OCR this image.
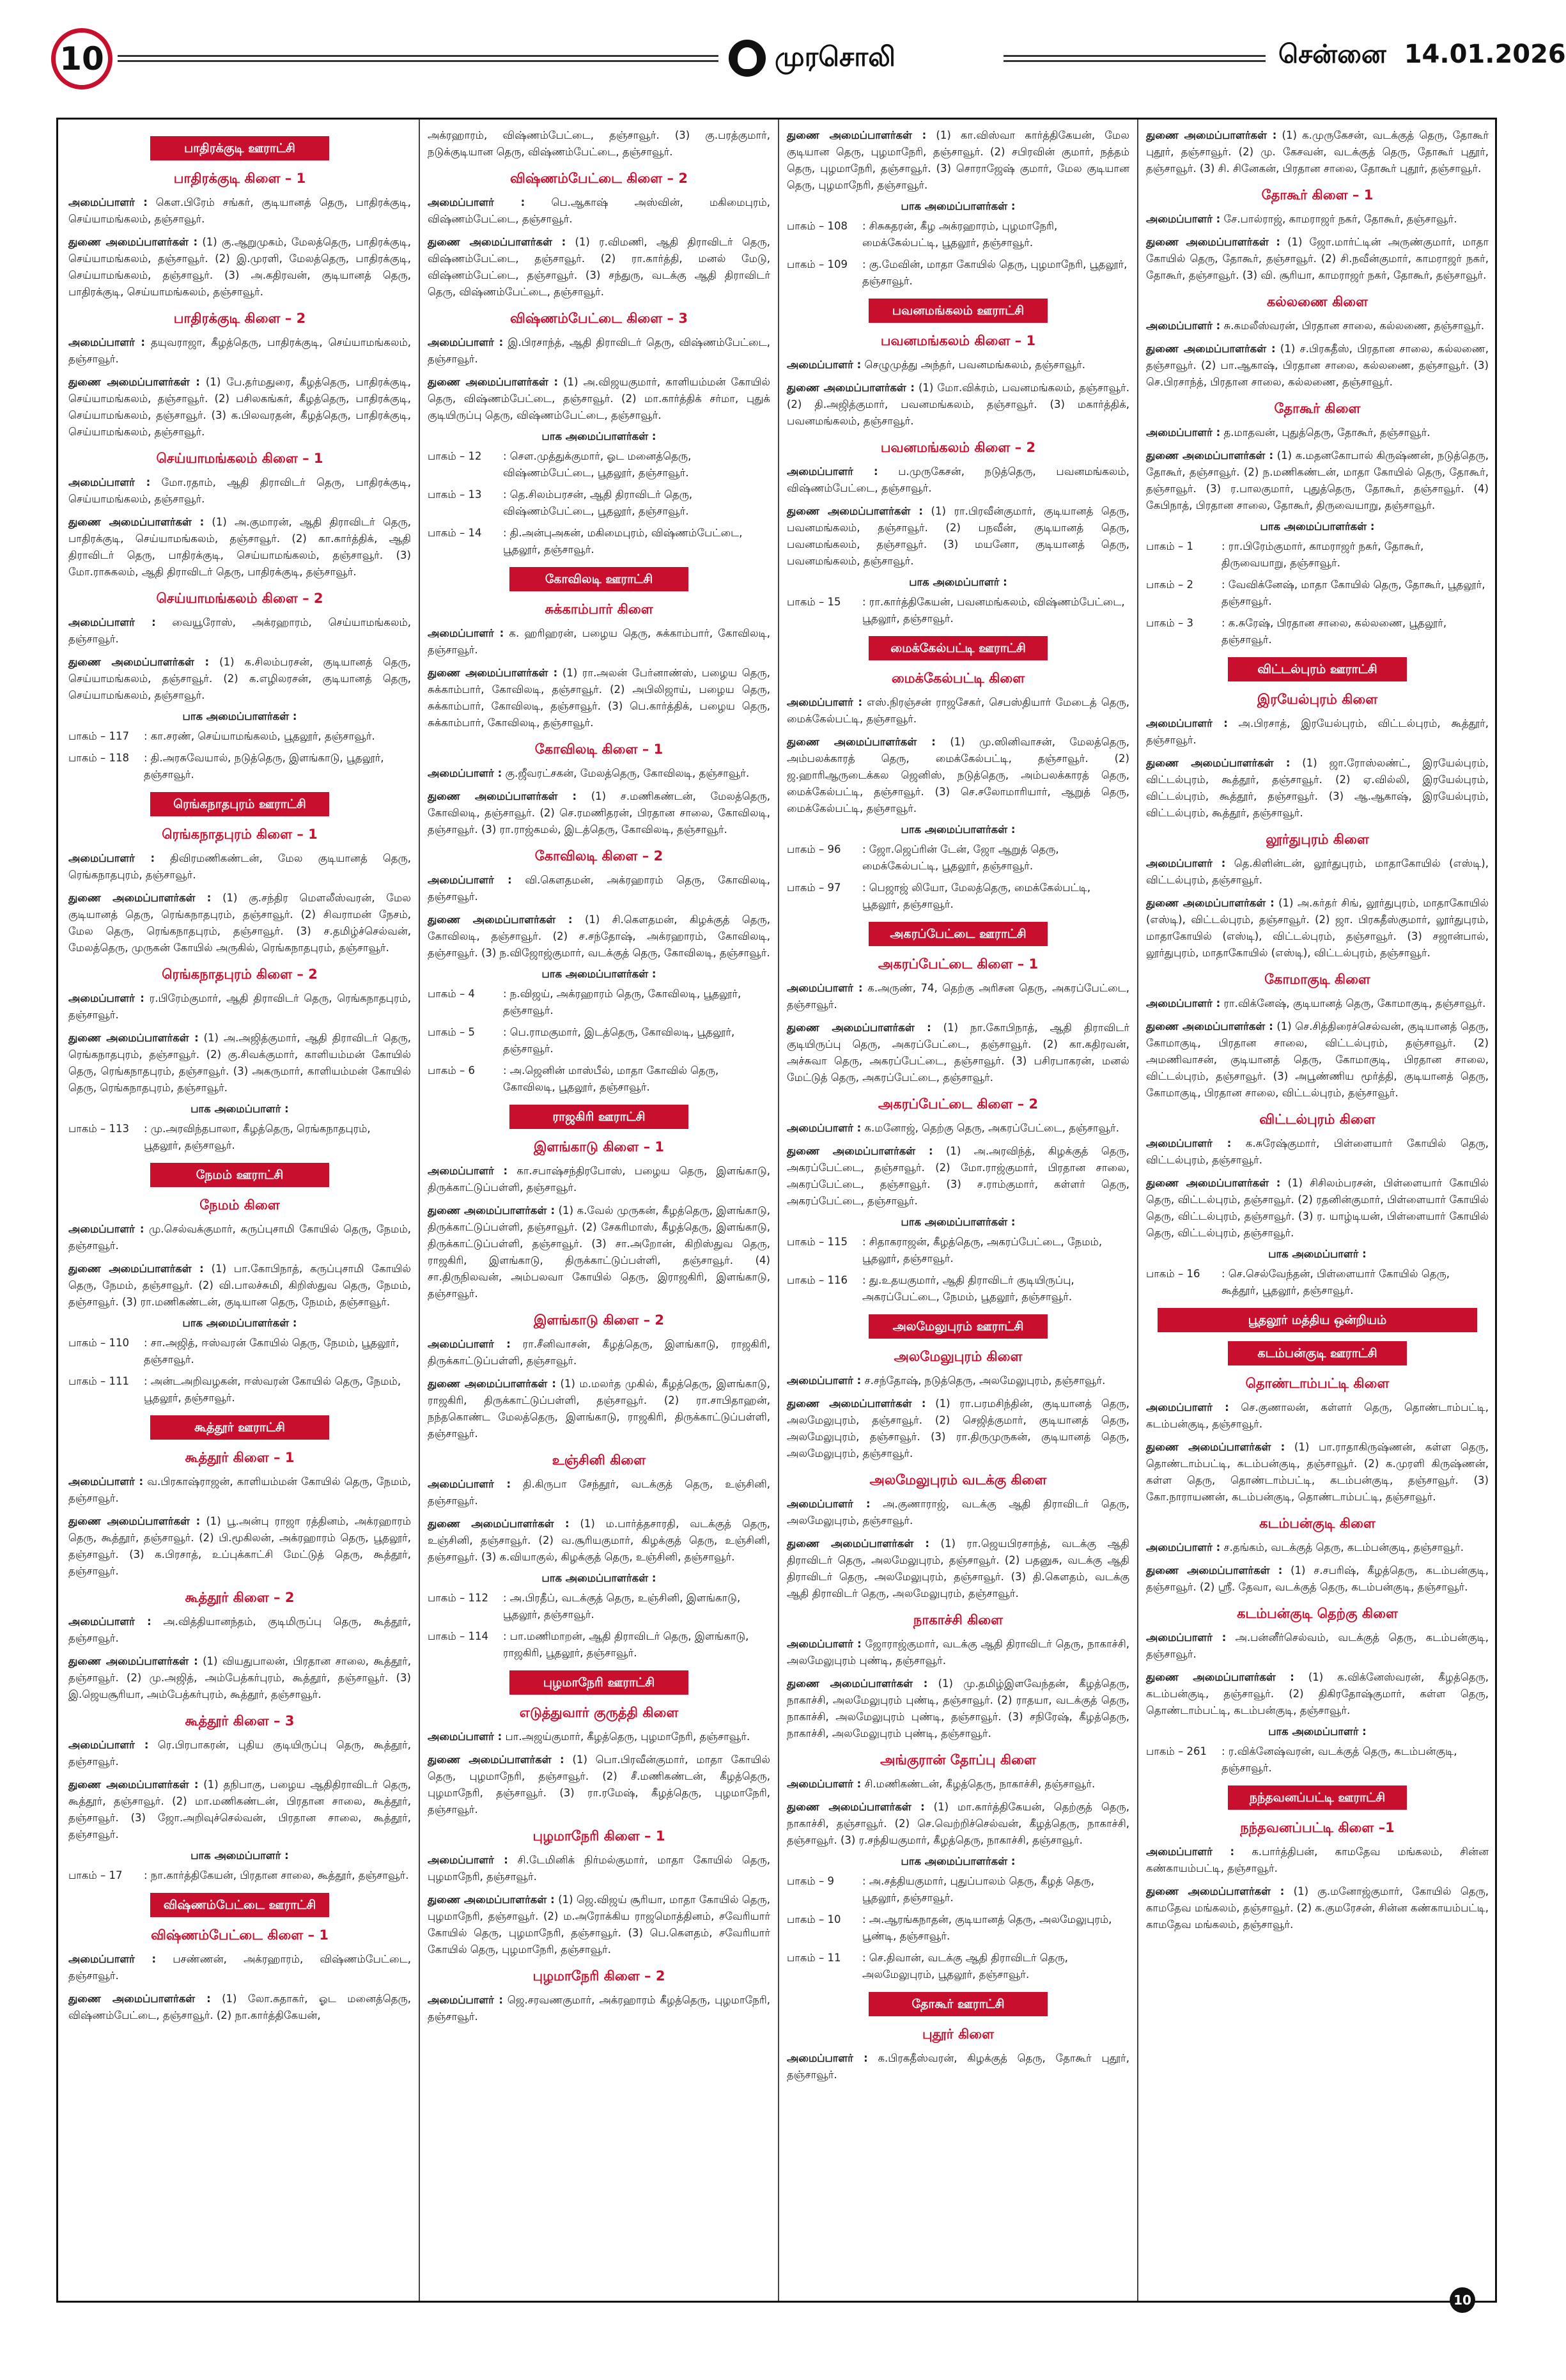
10	முரசொலி	சென்னை 14.01.2026
பாதிரக்குடி ஊராட்சி
பாதிரக்குடி கிளை – 1

அமைப்பாளர் : கௌ.பிரேம் சங்கர், குடியானத் தெரு, பாதிரக்குடி, செய்யாமங்கலம், தஞ்சாவூர்.

துணை அமைப்பாளர்கள் : (1) கு.ஆறுமுகம், மேலத்தெரு, பாதிரக்குடி, செய்யாமங்கலம், தஞ்சாவூர். (2) இ.முரளி, மேலத்தெரு, பாதிரக்குடி, செய்யாமங்கலம், தஞ்சாவூர். (3) அ.கதிரவன், குடியானத் தெரு, பாதிரக்குடி, செய்யாமங்கலம், தஞ்சாவூர்.

பாதிரக்குடி கிளை – 2

அமைப்பாளர் : தயுவராஜா, கீழத்தெரு, பாதிரக்குடி, செய்யாமங்கலம், தஞ்சாவூர்.

துணை அமைப்பாளர்கள் : (1) பே.தர்மதுரை, கீழத்தெரு, பாதிரக்குடி, செய்யாமங்கலம், தஞ்சாவூர். (2) பசிலகங்கர், கீழத்தெரு, பாதிரக்குடி, செய்யாமங்கலம், தஞ்சாவூர். (3) க.பிலவரதன், கீழத்தெரு, பாதிரக்குடி, செய்யாமங்கலம், தஞ்சாவூர்.

செய்யாமங்கலம் கிளை – 1

அமைப்பாளர் : மோ.ரதாம், ஆதி திராவிடர் தெரு, பாதிரக்குடி, செய்யாமங்கலம், தஞ்சாவூர்.

துணை அமைப்பாளர்கள் : (1) அ.குமாரன், ஆதி திராவிடர் தெரு, பாதிரக்குடி, செய்யாமங்கலம், தஞ்சாவூர். (2) கா.கார்த்திக், ஆதி திராவிடர் தெரு, பாதிரக்குடி, செய்யாமங்கலம், தஞ்சாவூர். (3) மோ.ராசுகலம், ஆதி திராவிடர் தெரு, பாதிரக்குடி, தஞ்சாவூர்.

செய்யாமங்கலம் கிளை – 2

அமைப்பாளர் : வையூரோஸ், அக்ரஹாரம், செய்யாமங்கலம், தஞ்சாவூர்.

துணை அமைப்பாளர்கள் : (1) க.சிலம்பரசன், குடியானத் தெரு, செய்யாமங்கலம், தஞ்சாவூர். (2) க.எழிலரசன், குடியானத் தெரு, செய்யாமங்கலம், தஞ்சாவூர்.

பாக அமைப்பாளர்கள் :
பாகம் – 117	: கா.சரண், செய்யாமங்கலம், பூதலூர், தஞ்சாவூர்.
பாகம் – 118	: தி.அரசுவேயால், நடுத்தெரு, இளங்காடு, பூதலூர், தஞ்சாவூர்.
ரெங்கநாதபுரம் ஊராட்சி
ரெங்கநாதபுரம் கிளை – 1

அமைப்பாளர் : திவிரமணிகண்டன், மேல குடியானத் தெரு, ரெங்கநாதபுரம், தஞ்சாவூர்.

துணை அமைப்பாளர்கள் : (1) கு.சந்திர மௌலீஸ்வரன், மேல குடியானத் தெரு, ரெங்கநாதபுரம், தஞ்சாவூர். (2) சிவராமன் நேசம், மேல தெரு, ரெங்கநாதபுரம், தஞ்சாவூர். (3) ச.தமிழ்ச்செல்வன், மேலத்தெரு, முருகன் கோயில் அருகில், ரெங்கநாதபுரம், தஞ்சாவூர்.

ரெங்கநாதபுரம் கிளை – 2

அமைப்பாளர் : ர.பிரேம்குமார், ஆதி திராவிடர் தெரு, ரெங்கநாதபுரம், தஞ்சாவூர்.

துணை அமைப்பாளர்கள் : (1) அ.அஜித்குமார், ஆதி திராவிடர் தெரு, ரெங்கநாதபுரம், தஞ்சாவூர். (2) கு.சிவக்குமார், காளியம்மன் கோயில் தெரு, ரெங்கநாதபுரம், தஞ்சாவூர். (3) அகருமார், காளியம்மன் கோயில் தெரு, ரெங்கநாதபுரம், தஞ்சாவூர்.

பாக அமைப்பாளர் :
பாகம் – 113	: மு.அரவிந்தபாலா, கீழத்தெரு, ரெங்கநாதபுரம், பூதலூர், தஞ்சாவூர்.
நேமம் ஊராட்சி
நேமம் கிளை

அமைப்பாளர் : மு.செல்வக்குமார், கருப்புசாமி கோயில் தெரு, நேமம், தஞ்சாவூர்.

துணை அமைப்பாளர்கள் : (1) பா.கோபிநாத், கருப்புசாமி கோயில் தெரு, நேமம், தஞ்சாவூர். (2) வி.பாலச்சுமி, கிறிஸ்துவ தெரு, நேமம், தஞ்சாவூர். (3) ரா.மணிகண்டன், குடியான தெரு, நேமம், தஞ்சாவூர்.

பாக அமைப்பாளர்கள் :
பாகம் – 110	: சா.அஜித், ஈஸ்வரன் கோயில் தெரு, நேமம், பூதலூர், தஞ்சாவூர்.
பாகம் – 111	: அன்டஅறிவழகன், ஈஸ்வரன் கோயில் தெரு, நேமம், பூதலூர், தஞ்சாவூர்.
கூத்தூர் ஊராட்சி
கூத்தூர் கிளை – 1

அமைப்பாளர் : வ.பிரகாஷ்ராஜன், காளியம்மன் கோயில் தெரு, நேமம், தஞ்சாவூர்.

துணை அமைப்பாளர்கள் : (1) பூ.அன்பு ராஜா ரத்தினம், அக்ரஹாரம் தெரு, கூத்தூர், தஞ்சாவூர். (2) பி.மூகிலன், அக்ரஹாரம் தெரு, பூதலூர், தஞ்சாவூர். (3) க.பிரசாத், உப்புக்காட்சி மேட்டுத் தெரு, கூத்தூர், தஞ்சாவூர்.

கூத்தூர் கிளை – 2

அமைப்பாளர் : அ.வித்தியானந்தம், குடிமிருப்பு தெரு, கூத்தூர், தஞ்சாவூர்.

துணை அமைப்பாளர்கள் : (1) வியதுபாலன், பிரதான சாலை, கூத்தூர், தஞ்சாவூர். (2) மு.அஜித், அம்பேத்கர்புரம், கூத்தூர், தஞ்சாவூர். (3) இ.ஜெயசூரியா, அம்பேத்கர்புரம், கூத்தூர், தஞ்சாவூர்.

கூத்தூர் கிளை – 3

அமைப்பாளர் : ரெ.பிரபாகரன், புதிய குடியிருப்பு தெரு, கூத்தூர், தஞ்சாவூர்.

துணை அமைப்பாளர்கள் : (1) தநிபாகு, பழைய ஆதிதிராவிடர் தெரு, கூத்தூர், தஞ்சாவூர். (2) மா.மணிகண்டன், பிரதான சாலை, கூத்தூர், தஞ்சாவூர். (3) ஜோ.அறிவுச்செல்வன், பிரதான சாலை, கூத்தூர், தஞ்சாவூர்.

பாக அமைப்பாளர் :
பாகம் – 17	: நா.கார்த்திகேயன், பிரதான சாலை, கூத்தூர், தஞ்சாவூர்.
விஷ்ணம்பேட்டை ஊராட்சி
விஷ்ணம்பேட்டை கிளை – 1

அமைப்பாளர் : பசண்ணன், அக்ரஹாரம், விஷ்ணம்பேட்டை, தஞ்சாவூர்.

துணை அமைப்பாளர்கள் : (1) லோ.கதாகர், ஓட மனைத்தெரு, விஷ்ணம்பேட்டை, தஞ்சாவூர். (2) நா.கார்த்திகேயன்,

அக்ரஹாரம், விஷ்ணம்பேட்டை, தஞ்சாவூர். (3) கு.பரத்குமார், நடுக்குடியான தெரு, விஷ்ணம்பேட்டை, தஞ்சாவூர்.

விஷ்ணம்பேட்டை கிளை – 2

அமைப்பாளர் : பெ.ஆகாஷ் அஸ்வின், மகிமைபுரம், விஷ்ணம்பேட்டை, தஞ்சாவூர்.

துணை அமைப்பாளர்கள் : (1) ர.விமணி, ஆதி திராவிடர் தெரு, விஷ்ணம்பேட்டை, தஞ்சாவூர். (2) ரா.கார்த்தி, மனல் மேடு, விஷ்ணம்பேட்டை, தஞ்சாவூர். (3) சந்துரு, வடக்கு ஆதி திராவிடர் தெரு, விஷ்ணம்பேட்டை, தஞ்சாவூர்.

விஷ்ணம்பேட்டை கிளை – 3

அமைப்பாளர் : இ.பிரசாந்த், ஆதி திராவிடர் தெரு, விஷ்ணம்பேட்டை, தஞ்சாவூர்.

துணை அமைப்பாளர்கள் : (1) அ.விஜயகுமார், காளியம்மன் கோயில் தெரு, விஷ்ணம்பேட்டை, தஞ்சாவூர். (2) மா.கார்த்திக் சர்மா, புதுக் குடியிருப்பு தெரு, விஷ்ணம்பேட்டை, தஞ்சாவூர்.

பாக அமைப்பாளர்கள் :
பாகம் – 12	: சௌ.முத்துக்குமார், ஓட மனைத்தெரு, விஷ்ணம்பேட்டை, பூதலூர், தஞ்சாவூர்.
பாகம் – 13	: தெ.சிலம்பரசன், ஆதி திராவிடர் தெரு, விஷ்ணம்பேட்டை, பூதலூர், தஞ்சாவூர்.
பாகம் – 14	: தி.அன்புஅகன், மகிமைபுரம், விஷ்ணம்பேட்டை, பூதலூர், தஞ்சாவூர்.
கோவிலடி ஊராட்சி
சுக்காம்பார் கிளை

அமைப்பாளர் : க. ஹரிஹரன், பழைய தெரு, சுக்காம்பார், கோவிலடி, தஞ்சாவூர்.

துணை அமைப்பாளர்கள் : (1) ரா.அலன் பேர்னாண்ஸ், பழைய தெரு, சுக்காம்பார், கோவிலடி, தஞ்சாவூர். (2) அபிலிஜாய், பழைய தெரு, சுக்காம்பார், கோவிலடி, தஞ்சாவூர். (3) பெ.கார்த்திக், பழைய தெரு, சுக்காம்பார், கோவிலடி, தஞ்சாவூர்.

கோவிலடி கிளை – 1

அமைப்பாளர் : கு.ஜீவரட்சகன், மேலத்தெரு, கோவிலடி, தஞ்சாவூர்.

துணை அமைப்பாளர்கள் : (1) ச.மணிகண்டன், மேலத்தெரு, கோவிலடி, தஞ்சாவூர். (2) செ.ரமணிதரன், பிரதான சாலை, கோவிலடி, தஞ்சாவூர். (3) ரா.ராஜ்கமல், இடத்தெரு, கோவிலடி, தஞ்சாவூர்.

கோவிலடி கிளை – 2

அமைப்பாளர் : வி.கௌதமன், அக்ரஹாரம் தெரு, கோவிலடி, தஞ்சாவூர்.

துணை அமைப்பாளர்கள் : (1) சி.கௌதமன், கிழக்குத் தெரு, கோவிலடி, தஞ்சாவூர். (2) ச.சந்தோஷ், அக்ரஹாரம், கோவிலடி, தஞ்சாவூர். (3) ந.விஜோஜ்குமார், வடக்குத் தெரு, கோவிலடி, தஞ்சாவூர்.

பாக அமைப்பாளர்கள் :
பாகம் – 4	: ந.விஜய், அக்ரஹாரம் தெரு, கோவிலடி, பூதலூர், தஞ்சாவூர்.
பாகம் – 5	: பெ.ராமகுமார், இடத்தெரு, கோவிலடி, பூதலூர், தஞ்சாவூர்.
பாகம் – 6	: அ.ஜெனின் மாஸ்பீல், மாதா கோவில் தெரு, கோவிலடி, பூதலூர், தஞ்சாவூர்.
ராஜகிரி ஊராட்சி
இளங்காடு கிளை – 1

அமைப்பாளர் : கா.சபாஷ்சந்திரபோஸ், பழைய தெரு, இளங்காடு, திருக்காட்டுப்பள்ளி, தஞ்சாவூர்.

துணை அமைப்பாளர்கள் : (1) க.வேல் முருகன், கீழத்தெரு, இளங்காடு, திருக்காட்டுப்பள்ளி, தஞ்சாவூர். (2) சேகரிமாஸ், கீழத்தெரு, இளங்காடு, திருக்காட்டுப்பள்ளி, தஞ்சாவூர். (3) சா.அறோன், கிறிஸ்துவ தெரு, ராஜகிரி, இளங்காடு, திருக்காட்டுப்பள்ளி, தஞ்சாவூர். (4) சா.திருநிலவன், அம்பலவா கோயில் தெரு, இராஜகிரி, இளங்காடு, தஞ்சாவூர்.

இளங்காடு கிளை – 2

அமைப்பாளர் : ரா.சீனிவாசன், கீழத்தெரு, இளங்காடு, ராஜகிரி, திருக்காட்டுப்பள்ளி, தஞ்சாவூர்.

துணை அமைப்பாளர்கள் : (1) ம.மலர்த முகில், கீழத்தெரு, இளங்காடு, ராஜகிரி, திருக்காட்டுப்பள்ளி, தஞ்சாவூர். (2) ரா.சாபிதாஹன், நந்தகொண்ட மேலத்தெரு, இளங்காடு, ராஜகிரி, திருக்காட்டுப்பள்ளி, தஞ்சாவூர்.

உஞ்சினி கிளை

அமைப்பாளர் : தி.கிருபா சேந்தூர், வடக்குத் தெரு, உஞ்சினி, தஞ்சாவூர்.

துணை அமைப்பாளர்கள் : (1) ம.பார்த்தசாரதி, வடக்குத் தெரு, உஞ்சினி, தஞ்சாவூர். (2) வ.சூரியகுமார், கிழக்குத் தெரு, உஞ்சினி, தஞ்சாவூர். (3) க.வியாகுல், கிழக்குத் தெரு, உஞ்சினி, தஞ்சாவூர்.

பாக அமைப்பாளர்கள் :
பாகம் – 112	: அ.பிரதீப், வடக்குத் தெரு, உஞ்சினி, இளங்காடு, பூதலூர், தஞ்சாவூர்.
பாகம் – 114	: பா.மணிமாறன், ஆதி திராவிடர் தெரு, இளங்காடு, ராஜகிரி, பூதலூர், தஞ்சாவூர்.
புழமாநேரி ஊராட்சி
எடுத்துவார் குருத்தி கிளை

அமைப்பாளர் : பா.அஜய்குமார், கீழத்தெரு, புழமாநேரி, தஞ்சாவூர்.

துணை அமைப்பாளர்கள் : (1) பொ.பிரவீன்குமார், மாதா கோயில் தெரு, புழமாநேரி, தஞ்சாவூர். (2) சீ.மணிகண்டன், கீழத்தெரு, புழமாநேரி, தஞ்சாவூர். (3) ரா.ரமேஷ், கீழத்தெரு, புழமாநேரி, தஞ்சாவூர்.

புழமாநேரி கிளை – 1

அமைப்பாளர் : சி.டேமினிக் நிர்மல்குமார், மாதா கோயில் தெரு, புழமாநேரி, தஞ்சாவூர்.

துணை அமைப்பாளர்கள் : (1) ஜெ.விஜய் சூரியா, மாதா கோயில் தெரு, புழமாநேரி, தஞ்சாவூர். (2) ம.அரோக்கிய ராஜமொத்தினம், சவேரியார் கோயில் தெரு, புழமாநேரி, தஞ்சாவூர். (3) பெ.கௌதம், சவேரியார் கோயில் தெரு, புழமாநேரி, தஞ்சாவூர்.

புழமாநேரி கிளை – 2

அமைப்பாளர் : ஜெ.சரவணகுமார், அக்ரஹாரம் கீழத்தெரு, புழமாநேரி, தஞ்சாவூர்.

துணை அமைப்பாளர்கள் : (1) கா.விஸ்வா கார்த்திகேயன், மேல குடியான தெரு, புழமாநேரி, தஞ்சாவூர். (2) சபிரவின் குமார், நத்தம் தெரு, புழமாநேரி, தஞ்சாவூர். (3) சொராஜேஷ் குமார், மேல குடியான தெரு, புழமாநேரி, தஞ்சாவூர்.

பாக அமைப்பாளர்கள் :
பாகம் – 108	: சிசுகதரன், கீழ அக்ரஹாரம், புழமாநேரி, மைக்கேல்பட்டி, பூதலூர், தஞ்சாவூர்.
பாகம் – 109	: கு.மேவின், மாதா கோயில் தெரு, புழமாநேரி, பூதலூர், தஞ்சாவூர்.
பவனமங்கலம் ஊராட்சி
பவனமங்கலம் கிளை – 1

அமைப்பாளர் : செழுமுத்து அந்தர், பவனமங்கலம், தஞ்சாவூர்.

துணை அமைப்பாளர்கள் : (1) மோ.விக்ரம், பவனமங்கலம், தஞ்சாவூர். (2) தி.அஜித்குமார், பவனமங்கலம், தஞ்சாவூர். (3) மகார்த்திக், பவனமங்கலம், தஞ்சாவூர்.

பவனமங்கலம் கிளை – 2

அமைப்பாளர் : ப.முருகேசன், நடுத்தெரு, பவனமங்கலம், விஷ்ணம்பேட்டை, தஞ்சாவூர்.

துணை அமைப்பாளர்கள் : (1) ரா.பிரவீன்குமார், குடியானத் தெரு, பவனமங்கலம், தஞ்சாவூர். (2) பநவீன், குடியானத் தெரு, பவனமங்கலம், தஞ்சாவூர். (3) மயனோ, குடியானத் தெரு, பவனமங்கலம், தஞ்சாவூர்.

பாக அமைப்பாளர் :
பாகம் – 15	: ரா.கார்த்திகேயன், பவனமங்கலம், விஷ்ணம்பேட்டை, பூதலூர், தஞ்சாவூர்.
மைக்கேல்பட்டி ஊராட்சி
மைக்கேல்பட்டி கிளை

அமைப்பாளர் : எஸ்.நிரஞ்சன் ராஜசேகர், செபஸ்தியார் மேடைத் தெரு, மைக்கேல்பட்டி, தஞ்சாவூர்.

துணை அமைப்பாளர்கள் : (1) மு.ஸினிவாசன், மேலத்தெரு, அம்பலக்காரத் தெரு, மைக்கேல்பட்டி, தஞ்சாவூர். (2) ஜ.ஹாரிஆருடைக்கல ஜெனிஸ், நடுத்தெரு, அம்பலக்காரத் தெரு, மைக்கேல்பட்டி, தஞ்சாவூர். (3) செ.சலோமாரியார், ஆறுத் தெரு, மைக்கேல்பட்டி, தஞ்சாவூர்.

பாக அமைப்பாளர்கள் :
பாகம் – 96	: ஜோ.ஜெப்ரின் டேன், ஜோ ஆறுத் தெரு, மைக்கேல்பட்டி, பூதலூர், தஞ்சாவூர்.
பாகம் – 97	: பெஜாஜ் லியோ, மேலத்தெரு, மைக்கேல்பட்டி, பூதலூர், தஞ்சாவூர்.
அகரப்பேட்டை ஊராட்சி
அகரப்பேட்டை கிளை – 1

அமைப்பாளர் : க.அருண், 74, தெற்கு அரிசன தெரு, அகரப்பேட்டை, தஞ்சாவூர்.

துணை அமைப்பாளர்கள் : (1) நா.கோபிநாத், ஆதி திராவிடர் குடியிருப்பு தெரு, அகரப்பேட்டை, தஞ்சாவூர். (2) கா.கதிரவன், அச்சுவா தெரு, அகரப்பேட்டை, தஞ்சாவூர். (3) பசிரபாகரன், மனல் மேட்டுத் தெரு, அகரப்பேட்டை, தஞ்சாவூர்.

அகரப்பேட்டை கிளை – 2

அமைப்பாளர் : க.மனோஜ், தெற்கு தெரு, அகரப்பேட்டை, தஞ்சாவூர்.

துணை அமைப்பாளர்கள் : (1) அ.அரவிந்த், கிழக்குத் தெரு, அகரப்பேட்டை, தஞ்சாவூர். (2) மோ.ராஜ்குமார், பிரதான சாலை, அகரப்பேட்டை, தஞ்சாவூர். (3) ச.ராம்குமார், கள்ளர் தெரு, அகரப்பேட்டை, தஞ்சாவூர்.

பாக அமைப்பாளர்கள் :
பாகம் – 115	: சிதாகராஜன், கீழத்தெரு, அகரப்பேட்டை, நேமம், பூதலூர், தஞ்சாவூர்.
பாகம் – 116	: து.உதயகுமார், ஆதி திராவிடர் குடியிருப்பு, அகரப்பேட்டை, நேமம், பூதலூர், தஞ்சாவூர்.
அலமேலுபுரம் ஊராட்சி
அலமேலுபுரம் கிளை

அமைப்பாளர் : ச.சந்தோஷ், நடுத்தெரு, அலமேலுபுரம், தஞ்சாவூர்.

துணை அமைப்பாளர்கள் : (1) ரா.பரமசிந்தின், குடியானத் தெரு, அலமேலுபுரம், தஞ்சாவூர். (2) செஜித்குமார், குடியானத் தெரு, அலமேலுபுரம், தஞ்சாவூர். (3) ரா.திருமுருகன், குடியானத் தெரு, அலமேலுபுரம், தஞ்சாவூர்.

அலமேலுபுரம் வடக்கு கிளை

அமைப்பாளர் : அ.குணாராஜ், வடக்கு ஆதி திராவிடர் தெரு, அலமேலுபுரம், தஞ்சாவூர்.

துணை அமைப்பாளர்கள் : (1) ரா.ஜெயபிரசாந்த், வடக்கு ஆதி திராவிடர் தெரு, அலமேலுபுரம், தஞ்சாவூர். (2) பதனுசு, வடக்கு ஆதி திராவிடர் தெரு, அலமேலுபுரம், தஞ்சாவூர். (3) தி.கௌதம், வடக்கு ஆதி திராவிடர் தெரு, அலமேலுபுரம், தஞ்சாவூர்.

நாகாச்சி கிளை

அமைப்பாளர் : ஜோராஜ்குமார், வடக்கு ஆதி திராவிடர் தெரு, நாகாச்சி, அலமேலுபுரம் புண்டி, தஞ்சாவூர்.

துணை அமைப்பாளர்கள் : (1) மு.தமிழ்இளவேந்தன், கீழத்தெரு, நாகாச்சி, அலமேலுபுரம் புண்டி, தஞ்சாவூர். (2) ராதயா, வடக்குத் தெரு, நாகாச்சி, அலமேலுபுரம் புண்டி, தஞ்சாவூர். (3) சநிரேஷ், கீழத்தெரு, நாகாச்சி, அலமேலுபுரம் புண்டி, தஞ்சாவூர்.

அங்குரான் தோப்பு கிளை

அமைப்பாளர் : சி.மணிகண்டன், கீழத்தெரு, நாகாச்சி, தஞ்சாவூர்.

துணை அமைப்பாளர்கள் : (1) மா.கார்த்திகேயன், தெற்குத் தெரு, நாகாச்சி, தஞ்சாவூர். (2) செ.வெற்றிச்செல்வன், கீழத்தெரு, நாகாச்சி, தஞ்சாவூர். (3) ர.சந்தியகுமார், கீழத்தெரு, நாகாச்சி, தஞ்சாவூர்.

பாக அமைப்பாளர்கள் :
பாகம் – 9	: அ.சத்தியகுமார், புதுப்பாலம் தெரு, கீழத் தெரு, பூதலூர், தஞ்சாவூர்.
பாகம் – 10	: அ.ஆரங்கநாதன், குடியானத் தெரு, அலமேலுபுரம், பூண்டி, தஞ்சாவூர்.
பாகம் – 11	: செ.திவான், வடக்கு ஆதி திராவிடர் தெரு, அலமேலுபுரம், பூதலூர், தஞ்சாவூர்.
தோகூர் ஊராட்சி
புதூர் கிளை

அமைப்பாளர் : க.பிரகதீஸ்வரன், கிழக்குத் தெரு, தோகூர் புதூர், தஞ்சாவூர்.

துணை அமைப்பாளர்கள் : (1) க.முருகேசன், வடக்குத் தெரு, தோகூர் புதூர், தஞ்சாவூர். (2) மு. கேசவன், வடக்குத் தெரு, தோகூர் புதூர், தஞ்சாவூர். (3) சி. சினேகன், பிரதான சாலை, தோகூர் புதூர், தஞ்சாவூர்.

தோகூர் கிளை – 1

அமைப்பாளர் : சே.பால்ராஜ், காமராஜர் நகர், தோகூர், தஞ்சாவூர்.

துணை அமைப்பாளர்கள் : (1) ஜோ.மார்ட்டின் அருண்குமார், மாதா கோயில் தெரு, தோகூர், தஞ்சாவூர். (2) சி.நவீன்குமார், காமராஜர் நகர், தோகூர், தஞ்சாவூர். (3) வி. சூரியா, காமராஜர் நகர், தோகூர், தஞ்சாவூர்.

கல்லணை கிளை

அமைப்பாளர் : சு.கமலீஸ்வரன், பிரதான சாலை, கல்லணை, தஞ்சாவூர்.

துணை அமைப்பாளர்கள் : (1) ச.பிரகதீஸ், பிரதான சாலை, கல்லணை, தஞ்சாவூர். (2) பா.ஆகாஷ், பிரதான சாலை, கல்லணை, தஞ்சாவூர். (3) செ.பிரசாந்த், பிரதான சாலை, கல்லணை, தஞ்சாவூர்.

தோகூர் கிளை

அமைப்பாளர் : த.மாதவன், புதுத்தெரு, தோகூர், தஞ்சாவூர்.

துணை அமைப்பாளர்கள் : (1) க.மதனகோபால் கிருஷ்ணன், நடுத்தெரு, தோகூர், தஞ்சாவூர். (2) ந.மணிகண்டன், மாதா கோயில் தெரு, தோகூர், தஞ்சாவூர். (3) ர.பாலகுமார், புதுத்தெரு, தோகூர், தஞ்சாவூர். (4) கேபிநாத், பிரதான சாலை, தோகூர், திருவையாறு, தஞ்சாவூர்.

பாக அமைப்பாளர்கள் :
பாகம் – 1	: ரா.பிரேம்குமார், காமராஜர் நகர், தோகூர், திருவையாறு, தஞ்சாவூர்.
பாகம் – 2	: வேவிக்னேஷ், மாதா கோயில் தெரு, தோகூர், பூதலூர், தஞ்சாவூர்.
பாகம் – 3	: க.சுரேஷ், பிரதான சாலை, கல்லணை, பூதலூர், தஞ்சாவூர்.
விட்டல்புரம் ஊராட்சி
இரயேல்புரம் கிளை

அமைப்பாளர் : அ.பிரசாத், இரயேல்புரம், விட்டல்புரம், கூத்தூர், தஞ்சாவூர்.

துணை அமைப்பாளர்கள் : (1) ஜா.ரோஸ்லண்ட், இரயேல்புரம், விட்டல்புரம், கூத்தூர், தஞ்சாவூர். (2) ஏ.வில்லி, இரயேல்புரம், விட்டல்புரம், கூத்தூர், தஞ்சாவூர். (3) ஆ.ஆகாஷ், இரயேல்புரம், விட்டல்புரம், கூத்தூர், தஞ்சாவூர்.

லூர்துபுரம் கிளை

அமைப்பாளர் : தெ.கிளின்டன், லூர்துபுரம், மாதாகோயில் (எஸ்டி), விட்டல்புரம், தஞ்சாவூர்.

துணை அமைப்பாளர்கள் : (1) அ.கர்தர் சிங், லூர்துபுரம், மாதாகோயில் (எஸ்டி), விட்டல்புரம், தஞ்சாவூர். (2) ஜா. பிரகதீஸ்குமார், லூர்துபுரம், மாதாகோயில் (எஸ்டி), விட்டல்புரம், தஞ்சாவூர். (3) சஜான்பால், லூர்துபுரம், மாதாகோயில் (எஸ்டி), விட்டல்புரம், தஞ்சாவூர்.

கோமாகுடி கிளை

அமைப்பாளர் : ரா.விக்னேஷ், குடியானத் தெரு, கோமாகுடி, தஞ்சாவூர்.

துணை அமைப்பாளர்கள் : (1) செ.சித்திரைச்செல்வன், குடியானத் தெரு, கோமாகுடி, பிரதான சாலை, விட்டல்புரம், தஞ்சாவூர். (2) அமணிவாசன், குடியானத் தெரு, கோமாகுடி, பிரதான சாலை, விட்டல்புரம், தஞ்சாவூர். (3) அபூண்ணிய மூர்த்தி, குடியானத் தெரு, கோமாகுடி, பிரதான சாலை, விட்டல்புரம், தஞ்சாவூர்.

விட்டல்புரம் கிளை

அமைப்பாளர் : க.சுரேஷ்குமார், பிள்ளையார் கோயில் தெரு, விட்டல்புரம், தஞ்சாவூர்.

துணை அமைப்பாளர்கள் : (1) சிசிலம்பரசன், பிள்ளையார் கோயில் தெரு, விட்டல்புரம், தஞ்சாவூர். (2) ரதனின்குமார், பிள்ளையார் கோயில் தெரு, விட்டல்புரம், தஞ்சாவூர். (3) ர. யாழ்டியன், பிள்ளையார் கோயில் தெரு, விட்டல்புரம், தஞ்சாவூர்.

பாக அமைப்பாளர் :
பாகம் – 16	: செ.செல்வேந்தன், பிள்ளையார் கோயில் தெரு, கூத்தூர், பூதலூர், தஞ்சாவூர்.
பூதலூர் மத்திய ஒன்றியம்
கடம்பன்குடி ஊராட்சி
தொண்டாம்பட்டி கிளை

அமைப்பாளர் : செ.குணாலன், கள்ளர் தெரு, தொண்டாம்பட்டி, கடம்பன்குடி, தஞ்சாவூர்.

துணை அமைப்பாளர்கள் : (1) பா.ராதாகிருஷ்ணன், கள்ள தெரு, தொண்டாம்பட்டி, கடம்பன்குடி, தஞ்சாவூர். (2) க.முரளி கிருஷ்ணன், கள்ள தெரு, தொண்டாம்பட்டி, கடம்பன்குடி, தஞ்சாவூர். (3) கோ.நாராயணன், கடம்பன்குடி, தொண்டாம்பட்டி, தஞ்சாவூர்.

கடம்பன்குடி கிளை

அமைப்பாளர் : ச.தங்கம், வடக்குத் தெரு, கடம்பன்குடி, தஞ்சாவூர்.

துணை அமைப்பாளர்கள் : (1) ச.சபரிஷ், கீழத்தெரு, கடம்பன்குடி, தஞ்சாவூர். (2) ஸ்ரீ. தேவா, வடக்குத் தெரு, கடம்பன்குடி, தஞ்சாவூர்.

கடம்பன்குடி தெற்கு கிளை

அமைப்பாளர் : அ.பன்னீர்செல்வம், வடக்குத் தெரு, கடம்பன்குடி, தஞ்சாவூர்.

துணை அமைப்பாளர்கள் : (1) க.விக்னேஸ்வரன், கீழத்தெரு, கடம்பன்குடி, தஞ்சாவூர். (2) திகிரதோஷ்குமார், கள்ள தெரு, தொண்டாம்பட்டி, கடம்பன்குடி, தஞ்சாவூர்.

பாக அமைப்பாளர் :
பாகம் – 261	: ர.விக்னேஷ்வரன், வடக்குத் தெரு, கடம்பன்குடி, தஞ்சாவூர்.
நந்தவனப்பட்டி ஊராட்சி
நந்தவனப்பட்டி கிளை –1

அமைப்பாளர் : க.பார்த்திபன், காமதேவ மங்கலம், சின்ன கண்காயம்பட்டி, தஞ்சாவூர்.

துணை அமைப்பாளர்கள் : (1) கு.மனோஜ்குமார், கோயில் தெரு, காமதேவ மங்கலம், தஞ்சாவூர். (2) க.குமரேசன், சின்ன கண்காயம்பட்டி, காமதேவ மங்கலம், தஞ்சாவூர்.

10
